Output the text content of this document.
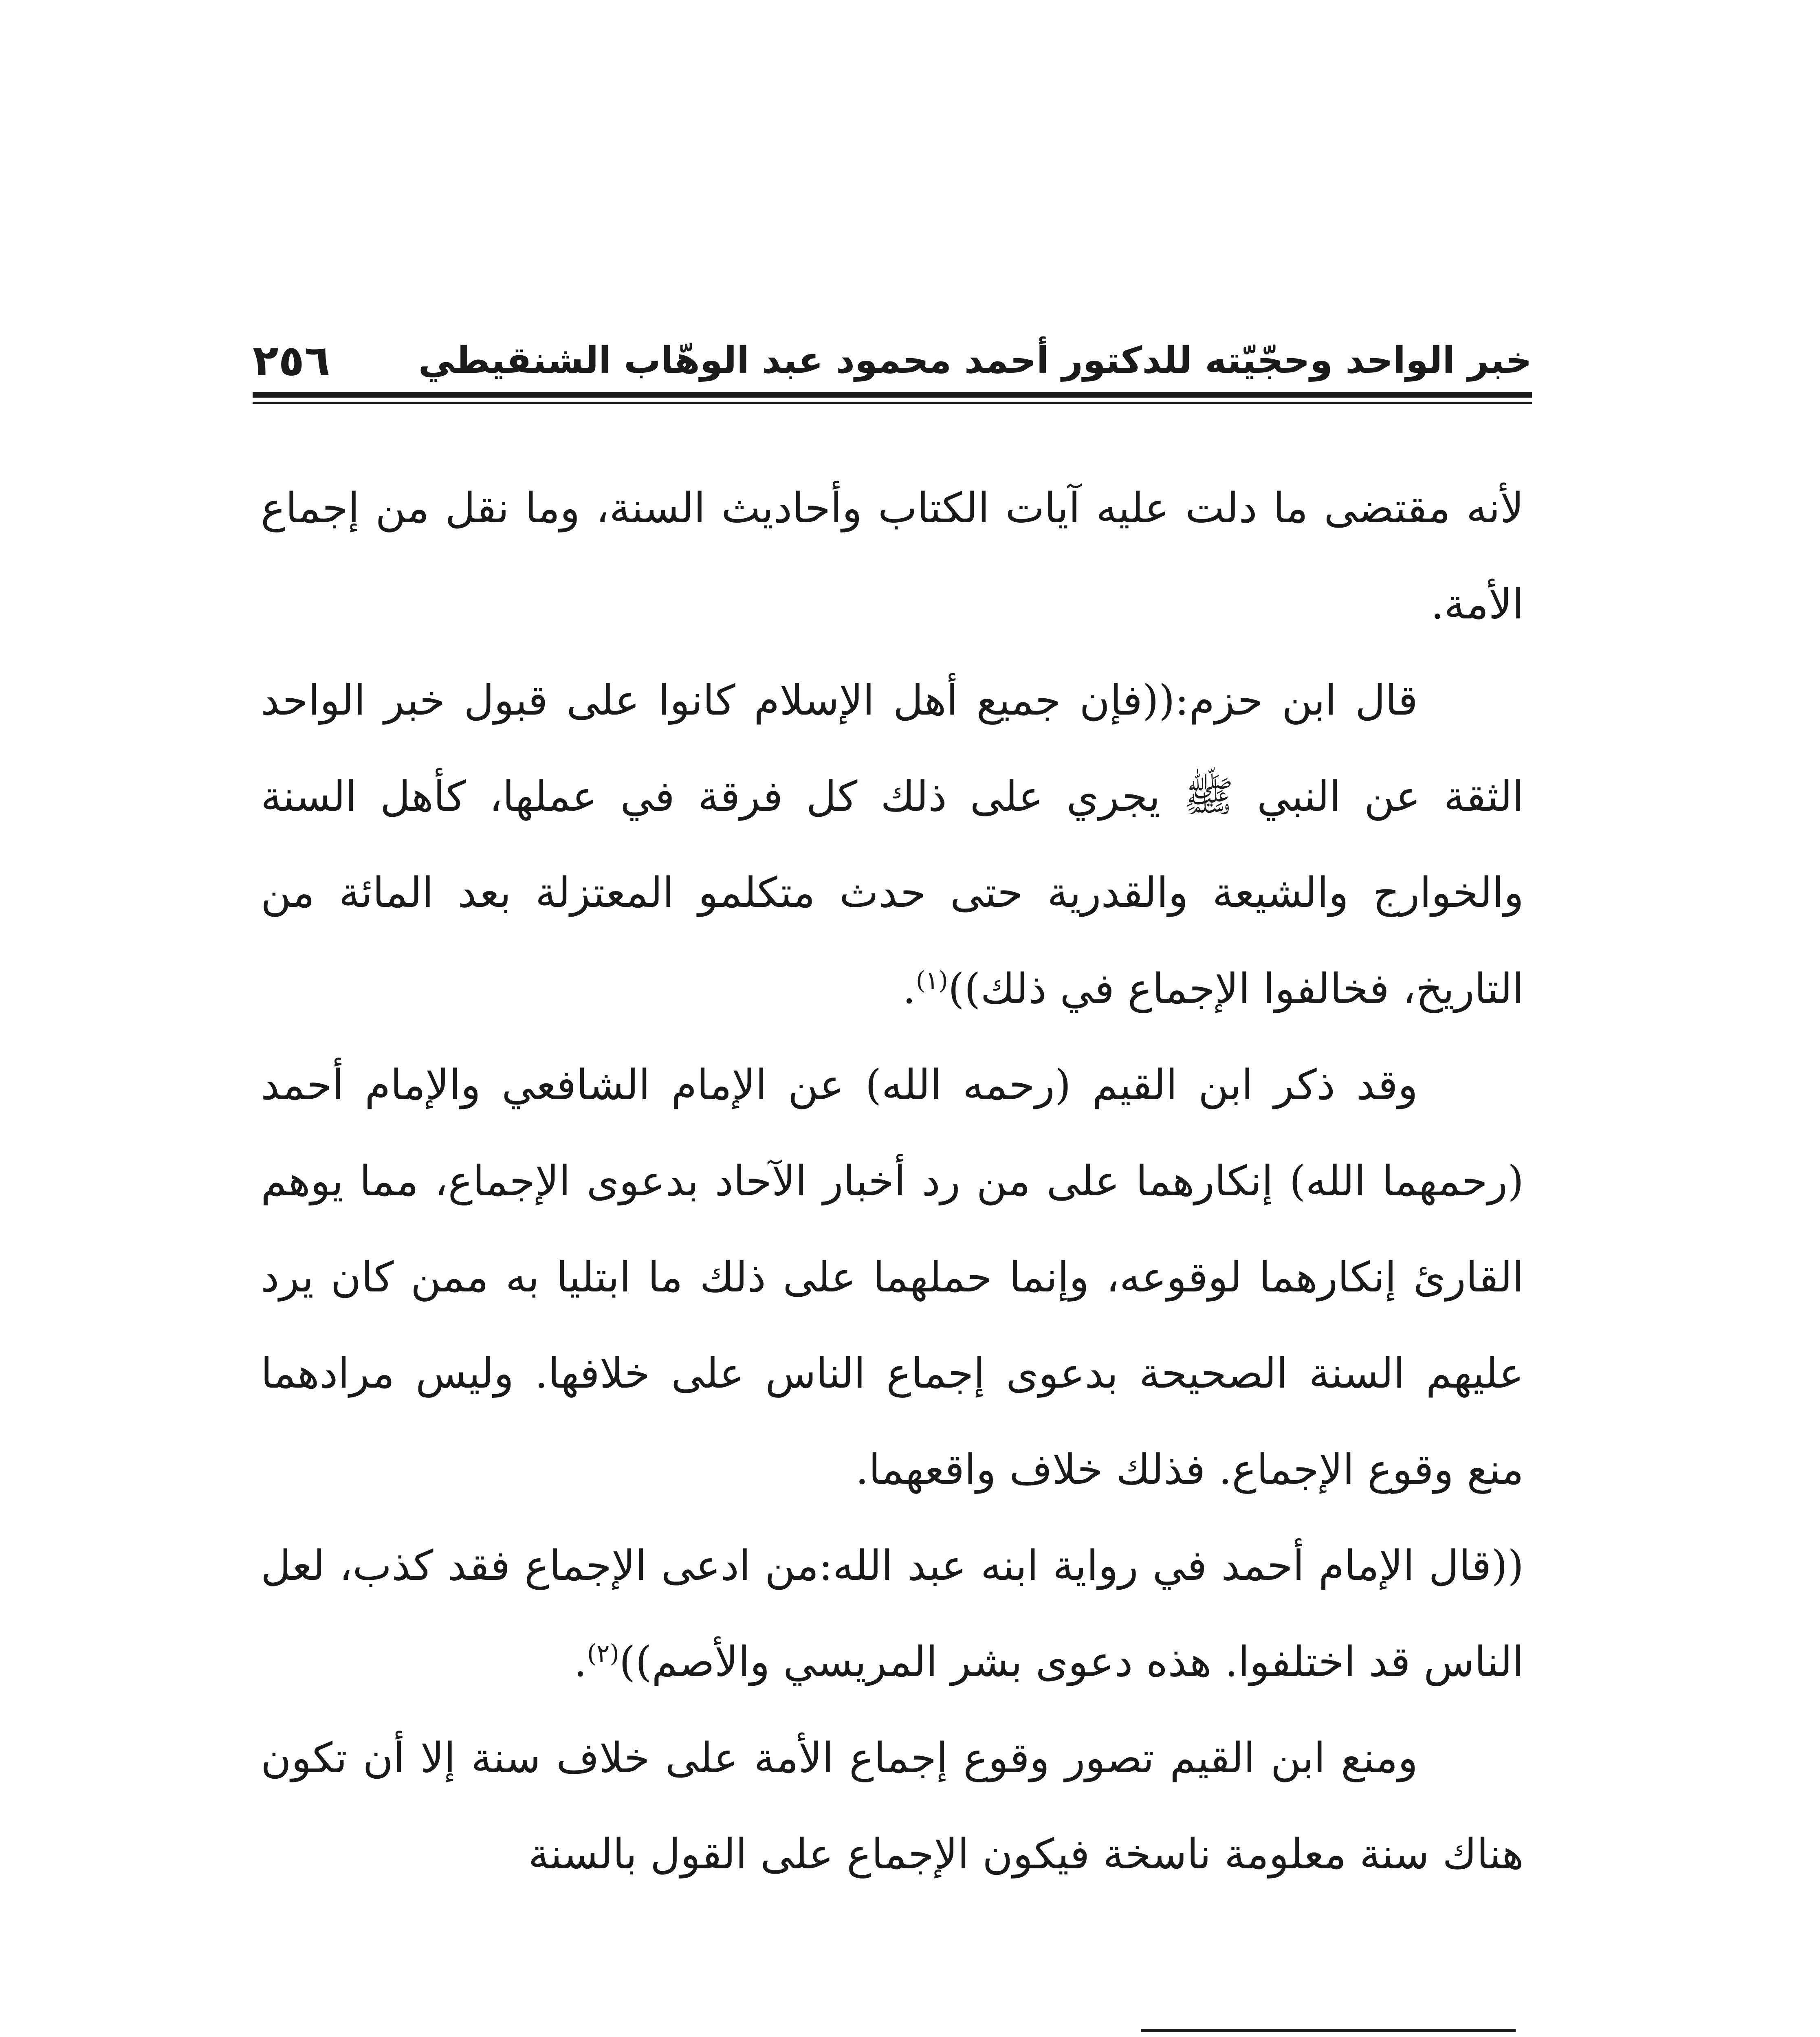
خبر الواحد وحجّيّته للدكتور أحمد محمود عبد الوهّاب الشنقيطي
٢٥٦

لأنه مقتضى ما دلت عليه آيات الكتاب وأحاديث السنة، وما نقل من إجماع الأمة.

قال ابن حزم:((فإن جميع أهل الإسلام كانوا على قبول خبر الواحد الثقة عن النبي ﷺ يجري على ذلك كل فرقة في عملها، كأهل السنة والخوارج والشيعة والقدرية حتى حدث متكلمو المعتزلة بعد المائة من التاريخ، فخالفوا الإجماع في ذلك))$^{(١)}$.

وقد ذكر ابن القيم (رحمه الله) عن الإمام الشافعي والإمام أحمد (رحمهما الله) إنكارهما على من رد أخبار الآحاد بدعوى الإجماع، مما يوهم القارئ إنكارهما لوقوعه، وإنما حملهما على ذلك ما ابتليا به ممن كان يرد عليهم السنة الصحيحة بدعوى إجماع الناس على خلافها. وليس مرادهما منع وقوع الإجماع. فذلك خلاف واقعهما.

((قال الإمام أحمد في رواية ابنه عبد الله:من ادعى الإجماع فقد كذب، لعل الناس قد اختلفوا. هذه دعوى بشر المريسي والأصم))$^{(٢)}$.

ومنع ابن القيم تصور وقوع إجماع الأمة على خلاف سنة إلا أن تكون هناك سنة معلومة ناسخة فيكون الإجماع على القول بالسنة
